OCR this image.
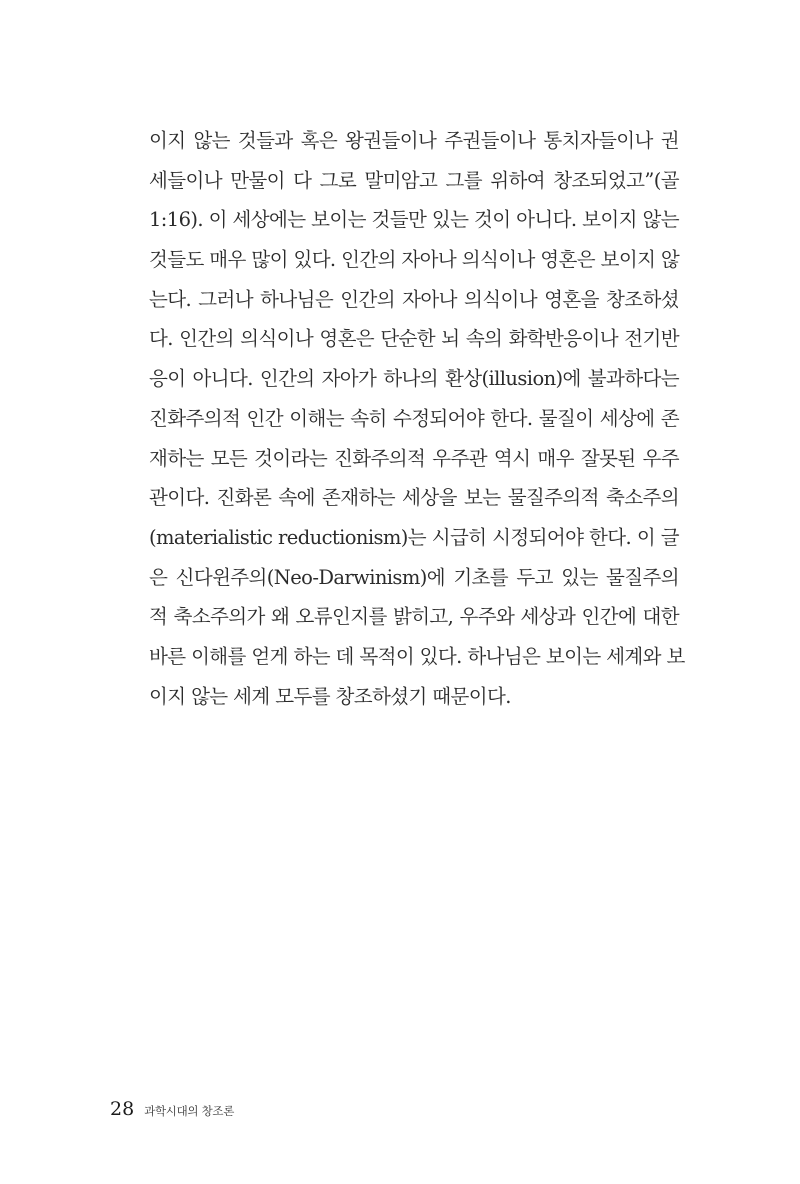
이지 않는 것들과 혹은 왕권들이나 주권들이나 통치자들이나 권
세들이나 만물이 다 그로 말미암고 그를 위하여 창조되었고”(골
1:16). 이 세상에는 보이는 것들만 있는 것이 아니다. 보이지 않는
것들도 매우 많이 있다. 인간의 자아나 의식이나 영혼은 보이지 않
는다. 그러나 하나님은 인간의 자아나 의식이나 영혼을 창조하셨
다. 인간의 의식이나 영혼은 단순한 뇌 속의 화학반응이나 전기반
응이 아니다. 인간의 자아가 하나의 환상(illusion)에 불과하다는
진화주의적 인간 이해는 속히 수정되어야 한다. 물질이 세상에 존
재하는 모든 것이라는 진화주의적 우주관 역시 매우 잘못된 우주
관이다. 진화론 속에 존재하는 세상을 보는 물질주의적 축소주의
(materialistic reductionism)는 시급히 시정되어야 한다. 이 글
은 신다윈주의(Neo-Darwinism)에 기초를 두고 있는 물질주의
적 축소주의가 왜 오류인지를 밝히고, 우주와 세상과 인간에 대한
바른 이해를 얻게 하는 데 목적이 있다. 하나님은 보이는 세계와 보
이지 않는 세계 모두를 창조하셨기 때문이다.
28 과학시대의 창조론
